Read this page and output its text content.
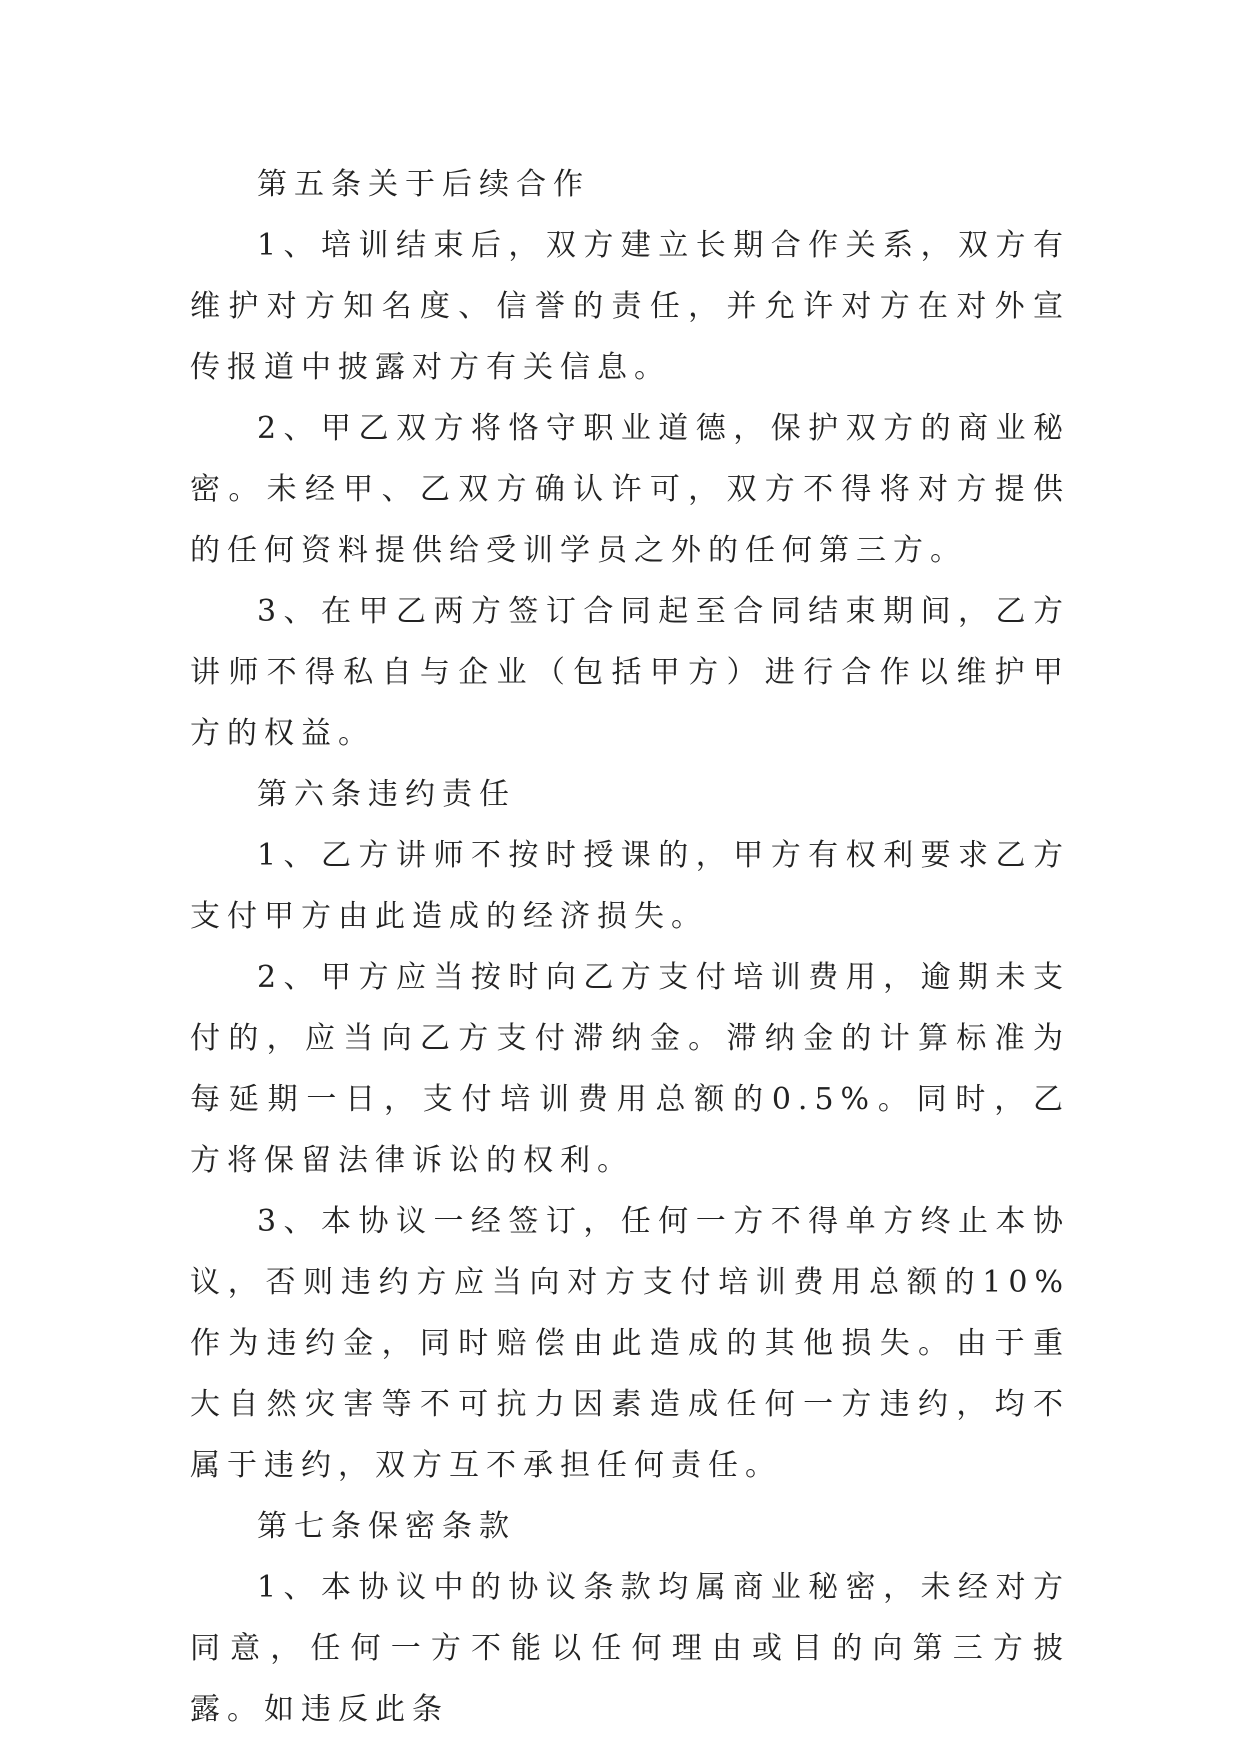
第五条关于后续合作

1、培训结束后，双方建立长期合作关系，双方有维护对方知名度、信誉的责任，并允许对方在对外宣传报道中披露对方有关信息。

2、甲乙双方将恪守职业道德，保护双方的商业秘密。未经甲、乙双方确认许可，双方不得将对方提供的任何资料提供给受训学员之外的任何第三方。

3、在甲乙两方签订合同起至合同结束期间，乙方讲师不得私自与企业（包括甲方）进行合作以维护甲方的权益。

第六条违约责任

1、乙方讲师不按时授课的，甲方有权利要求乙方支付甲方由此造成的经济损失。

2、甲方应当按时向乙方支付培训费用，逾期未支付的，应当向乙方支付滞纳金。滞纳金的计算标准为每延期一日，支付培训费用总额的0.5%。同时，乙方将保留法律诉讼的权利。

3、本协议一经签订，任何一方不得单方终止本协议，否则违约方应当向对方支付培训费用总额的10%作为违约金，同时赔偿由此造成的其他损失。由于重大自然灾害等不可抗力因素造成任何一方违约，均不属于违约，双方互不承担任何责任。

第七条保密条款

1、本协议中的协议条款均属商业秘密，未经对方同意，任何一方不能以任何理由或目的向第三方披露。如违反此条
